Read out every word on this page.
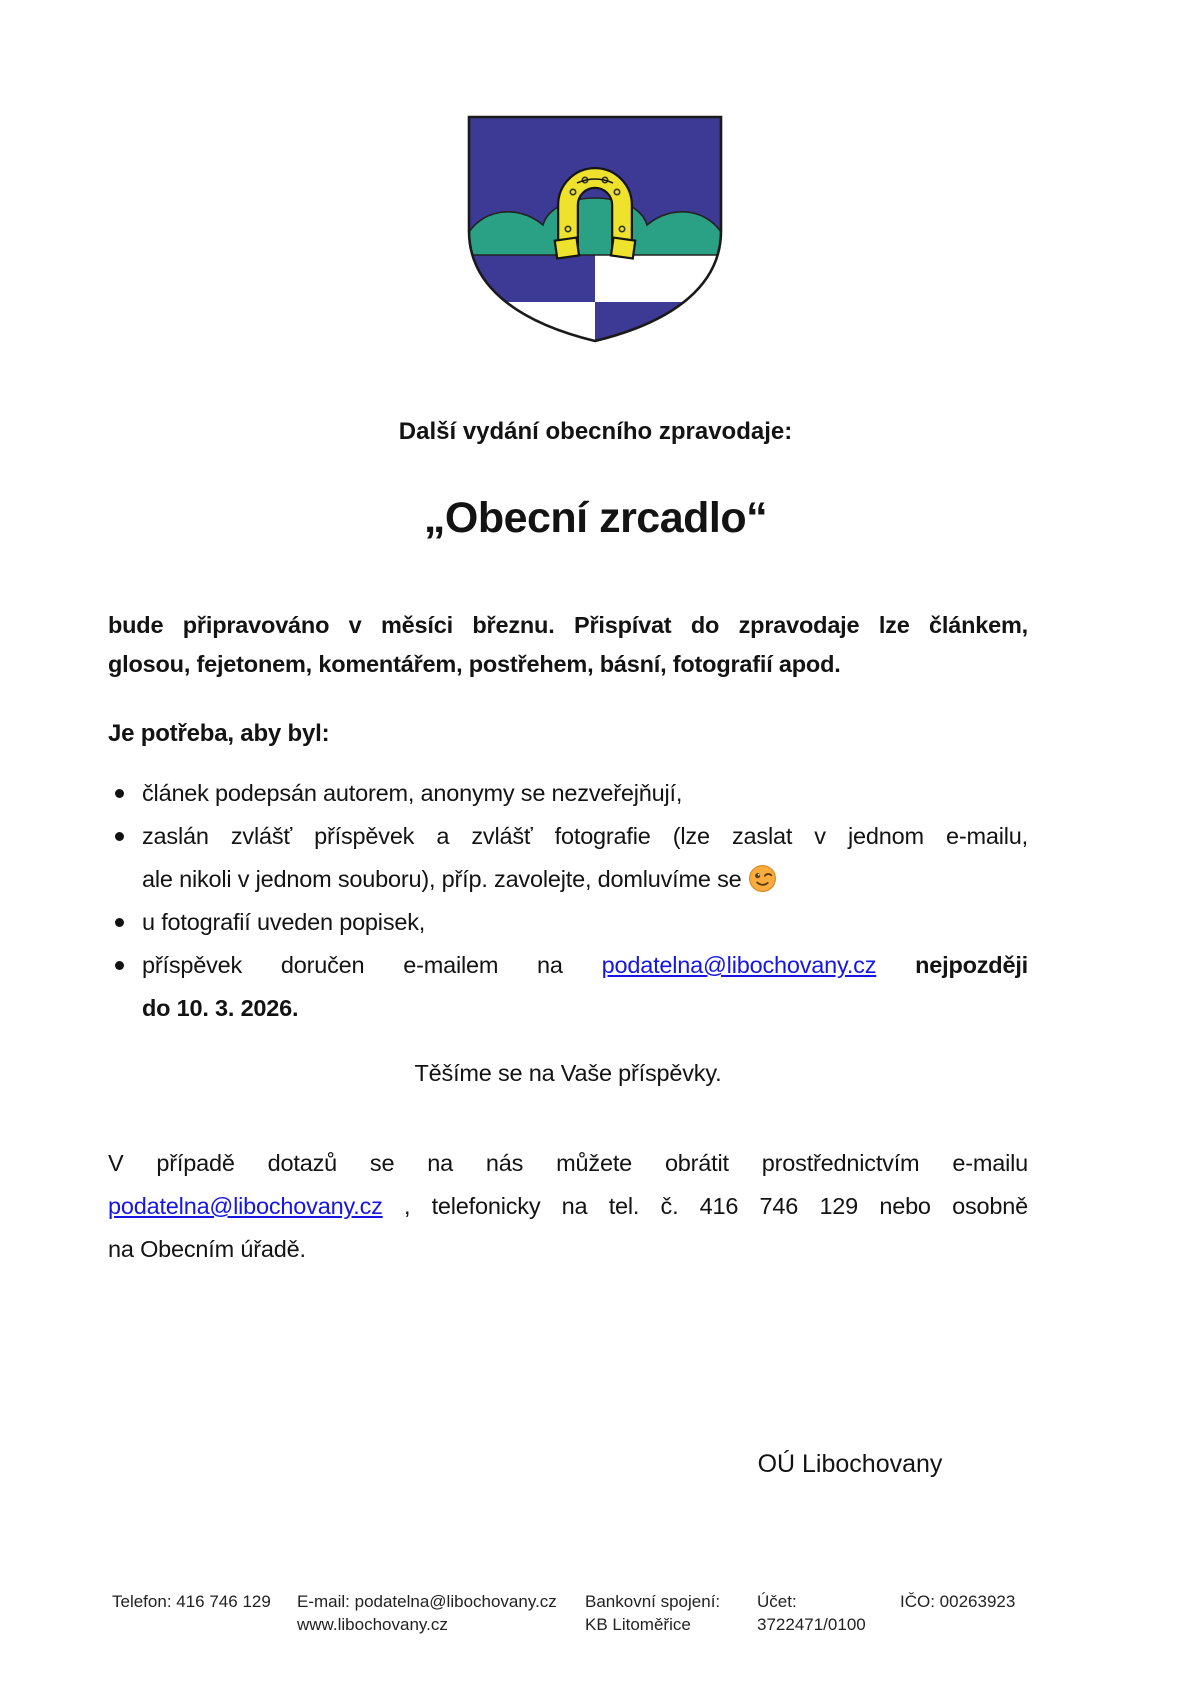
Další vydání obecního zpravodaje:
„Obecní zrcadlo“
bude připravováno v měsíci březnu. Přispívat do zpravodaje lze článkem,
glosou, fejetonem, komentářem, postřehem, básní, fotografií apod.
Je potřeba, aby byl:
článek podepsán autorem, anonymy se nezveřejňují,
zaslán zvlášť příspěvek a zvlášť fotografie (lze zaslat v jednom e-mailu,
ale nikoli v jednom souboru), příp. zavolejte, domluvíme se
u fotografií uveden popisek,
příspěvek doručen e-mailem na podatelna@libochovany.cz nejpozději
do 10. 3. 2026.
Těšíme se na Vaše příspěvky.
V případě dotazů se na nás můžete obrátit prostřednictvím e-mailu
podatelna@libochovany.cz , telefonicky na tel. č. 416 746 129 nebo osobně
na Obecním úřadě.
OÚ Libochovany
Telefon: 416 746 129 E-mail: podatelna@libochovany.cz
www.libochovany.cz
Bankovní spojení:
KB Litoměřice
Účet:
3722471/0100
IČO: 00263923
